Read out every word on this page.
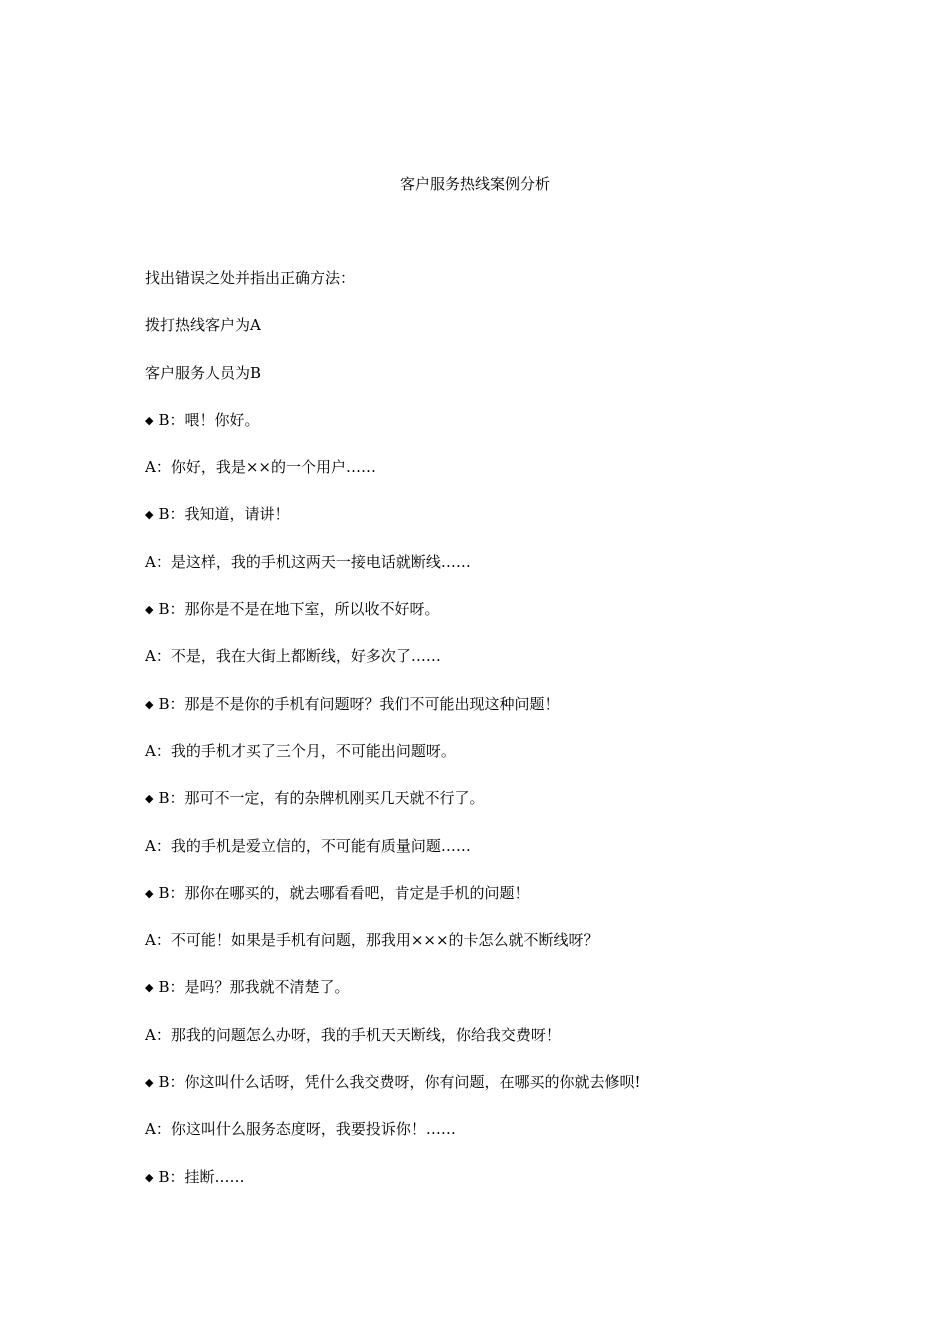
客户服务热线案例分析
找出错误之处并指出正确方法：
拨打热线客户为A
客户服务人员为B
◆ B：喂！你好。
A：你好，我是××的一个用户……
◆ B：我知道，请讲！
A：是这样，我的手机这两天一接电话就断线……
◆ B：那你是不是在地下室，所以收不好呀。
A：不是，我在大街上都断线，好多次了……
◆ B：那是不是你的手机有问题呀？我们不可能出现这种问题！
A：我的手机才买了三个月，不可能出问题呀。
◆ B：那可不一定，有的杂牌机刚买几天就不行了。
A：我的手机是爱立信的，不可能有质量问题……
◆ B：那你在哪买的，就去哪看看吧，肯定是手机的问题！
A：不可能！如果是手机有问题，那我用×××的卡怎么就不断线呀？
◆ B：是吗？那我就不清楚了。
A：那我的问题怎么办呀，我的手机天天断线，你给我交费呀！
◆ B：你这叫什么话呀，凭什么我交费呀，你有问题，在哪买的你就去修呗!
A：你这叫什么服务态度呀，我要投诉你！……
◆ B：挂断……
